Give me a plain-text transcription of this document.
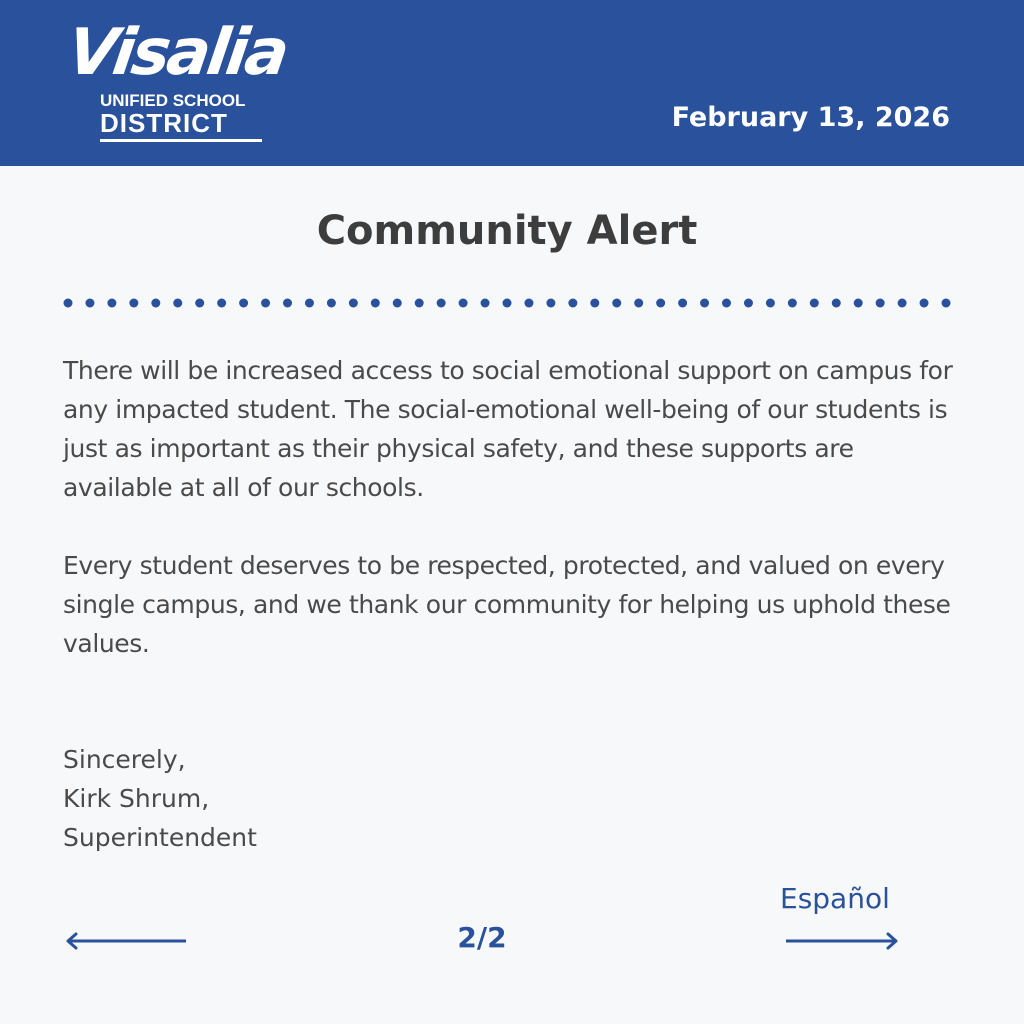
Visalia
UNIFIED SCHOOL
DISTRICT	February 13, 2026
Community Alert

There will be increased access to social emotional support on campus for any impacted student. The social-emotional well-being of our students is just as important as their physical safety, and these supports are available at all of our schools.

Every student deserves to be respected, protected, and valued on every single campus, and we thank our community for helping us uphold these values.

Sincerely,
Kirk Shrum,
Superintendent
2/2
Español
